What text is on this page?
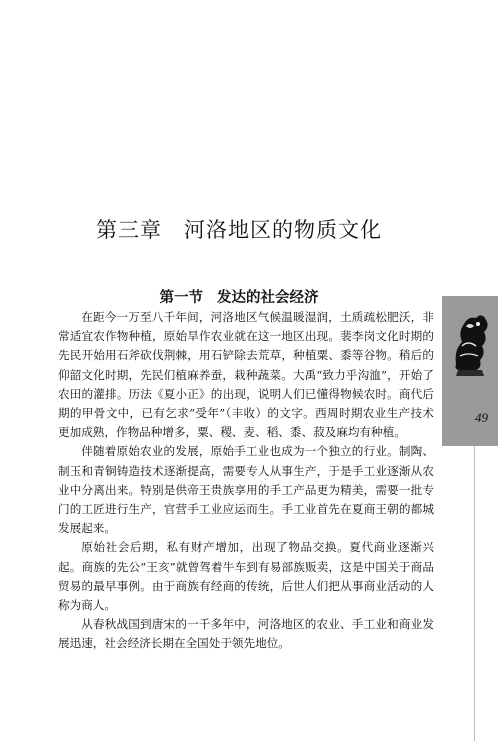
第三章 河洛地区的物质文化
第一节 发达的社会经济

在距今一万至八千年间，河洛地区气候温暖湿润，土质疏松肥沃，非常适宜农作物种植，原始旱作农业就在这一地区出现。裴李岗文化时期的先民开始用石斧砍伐荆棘，用石铲除去荒草，种植粟、黍等谷物。稍后的仰韶文化时期，先民们植麻养蚕，栽种蔬菜。大禹“致力乎沟洫”，开始了农田的灌排。历法《夏小正》的出现，说明人们已懂得物候农时。商代后期的甲骨文中，已有乞求“受年”（丰收）的文字。西周时期农业生产技术更加成熟，作物品种增多，粟、稷、麦、稻、黍、菽及麻均有种植。

伴随着原始农业的发展，原始手工业也成为一个独立的行业。制陶、制玉和青铜铸造技术逐渐提高，需要专人从事生产，于是手工业逐渐从农业中分离出来。特别是供帝王贵族享用的手工产品更为精美，需要一批专门的工匠进行生产，官营手工业应运而生。手工业首先在夏商王朝的都城发展起来。

原始社会后期，私有财产增加，出现了物品交换。夏代商业逐渐兴起。商族的先公“王亥”就曾驾着牛车到有易部族贩卖，这是中国关于商品贸易的最早事例。由于商族有经商的传统，后世人们把从事商业活动的人称为商人。

从春秋战国到唐宋的一千多年中，河洛地区的农业、手工业和商业发展迅速，社会经济长期在全国处于领先地位。

49
